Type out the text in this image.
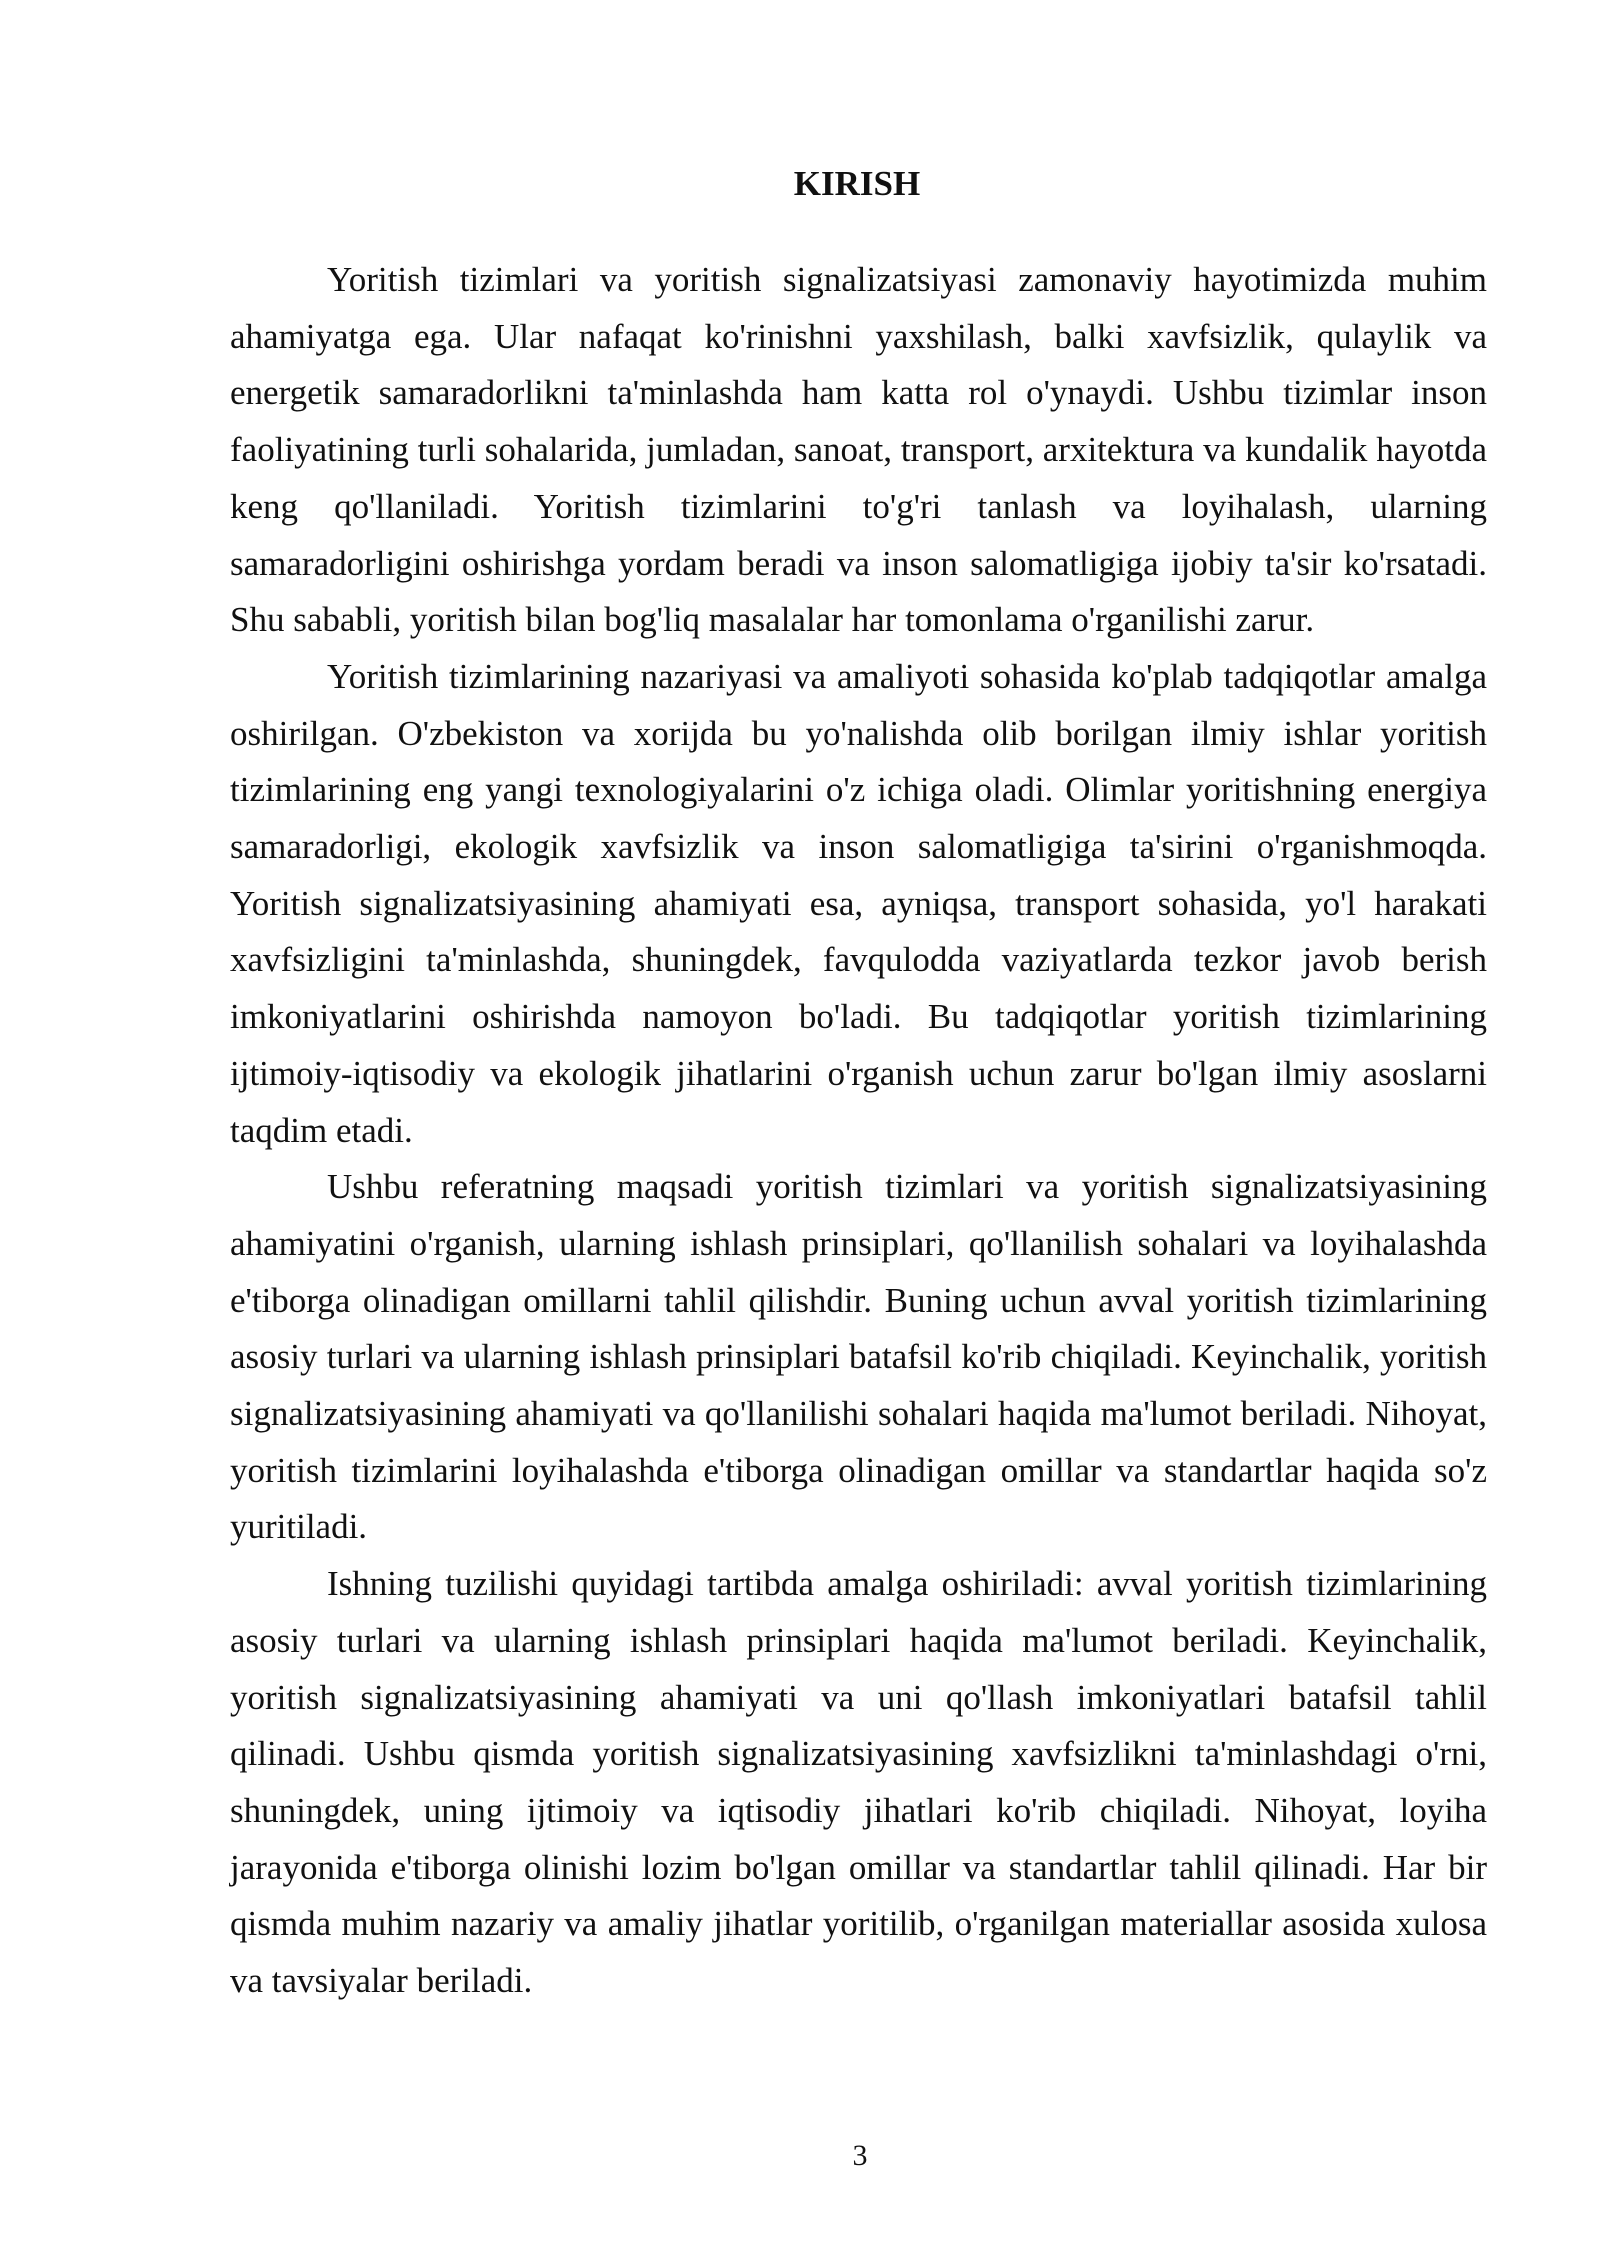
KIRISH

Yoritish tizimlari va yoritish signalizatsiyasi zamonaviy hayotimizda muhim ahamiyatga ega. Ular nafaqat ko'rinishni yaxshilash, balki xavfsizlik, qulaylik va energetik samaradorlikni ta'minlashda ham katta rol o'ynaydi. Ushbu tizimlar inson faoliyatining turli sohalarida, jumladan, sanoat, transport, arxitektura va kundalik hayotda keng qo'llaniladi. Yoritish tizimlarini to'g'ri tanlash va loyihalash, ularning samaradorligini oshirishga yordam beradi va inson salomatligiga ijobiy ta'sir ko'rsatadi. Shu sababli, yoritish bilan bog'liq masalalar har tomonlama o'rganilishi zarur.

Yoritish tizimlarining nazariyasi va amaliyoti sohasida ko'plab tadqiqotlar amalga oshirilgan. O'zbekiston va xorijda bu yo'nalishda olib borilgan ilmiy ishlar yoritish tizimlarining eng yangi texnologiyalarini o'z ichiga oladi. Olimlar yoritishning energiya samaradorligi, ekologik xavfsizlik va inson salomatligiga ta'sirini o'rganishmoqda. Yoritish signalizatsiyasining ahamiyati esa, ayniqsa, transport sohasida, yo'l harakati xavfsizligini ta'minlashda, shuningdek, favqulodda vaziyatlarda tezkor javob berish imkoniyatlarini oshirishda namoyon bo'ladi. Bu tadqiqotlar yoritish tizimlarining ijtimoiy-iqtisodiy va ekologik jihatlarini o'rganish uchun zarur bo'lgan ilmiy asoslarni taqdim etadi.

Ushbu referatning maqsadi yoritish tizimlari va yoritish signalizatsiyasining ahamiyatini o'rganish, ularning ishlash prinsiplari, qo'llanilish sohalari va loyihalashda e'tiborga olinadigan omillarni tahlil qilishdir. Buning uchun avval yoritish tizimlarining asosiy turlari va ularning ishlash prinsiplari batafsil ko'rib chiqiladi. Keyinchalik, yoritish signalizatsiyasining ahamiyati va qo'llanilishi sohalari haqida ma'lumot beriladi. Nihoyat, yoritish tizimlarini loyihalashda e'tiborga olinadigan omillar va standartlar haqida so'z yuritiladi.

Ishning tuzilishi quyidagi tartibda amalga oshiriladi: avval yoritish tizimlarining asosiy turlari va ularning ishlash prinsiplari haqida ma'lumot beriladi. Keyinchalik, yoritish signalizatsiyasining ahamiyati va uni qo'llash imkoniyatlari batafsil tahlil qilinadi. Ushbu qismda yoritish signalizatsiyasining xavfsizlikni ta'minlashdagi o'rni, shuningdek, uning ijtimoiy va iqtisodiy jihatlari ko'rib chiqiladi. Nihoyat, loyiha jarayonida e'tiborga olinishi lozim bo'lgan omillar va standartlar tahlil qilinadi. Har bir qismda muhim nazariy va amaliy jihatlar yoritilib, o'rganilgan materiallar asosida xulosa va tavsiyalar beriladi.

3
